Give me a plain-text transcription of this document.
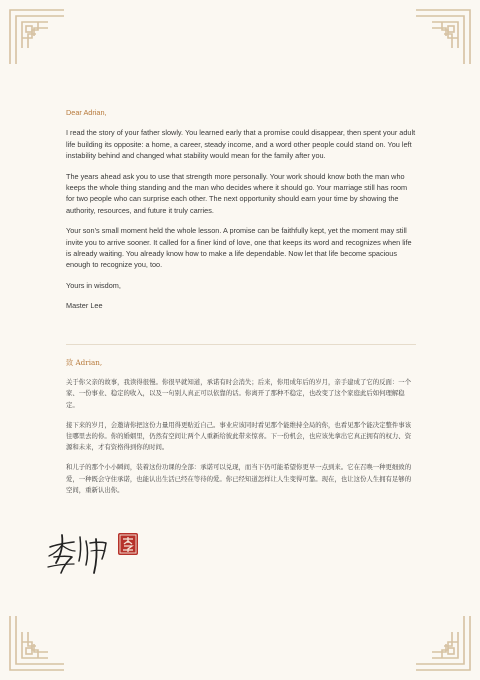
Dear Adrian,

I read the story of your father slowly. You learned early that a promise could disappear, then spent your adult life building its opposite: a home, a career, steady income, and a word other people could stand on. You left instability behind and changed what stability would mean for the family after you.

The years ahead ask you to use that strength more personally. Your work should know both the man who keeps the whole thing standing and the man who decides where it should go. Your marriage still has room for two people who can surprise each other. The next opportunity should earn your time by showing the authority, resources, and future it truly carries.

Your son’s small moment held the whole lesson. A promise can be faithfully kept, yet the moment may still invite you to arrive sooner. It called for a finer kind of love, one that keeps its word and recognizes when life is already waiting. You already know how to make a life dependable. Now let that life become spacious enough to recognize you, too.

Yours in wisdom,

Master Lee

致 Adrian,

关于你父亲的故事，我读得很慢。你很早就知道，承诺有时会消失；后来，你用成年后的岁月，亲手建成了它的反面：一个家、一份事业、稳定的收入，以及一句别人真正可以依靠的话。你离开了那种不稳定，也改变了这个家庭此后如何理解稳定。

接下来的岁月，会邀请你把这份力量用得更贴近自己。事业应该同时看见那个能维持全局的你，也看见那个能决定整件事该往哪里去的你。你的婚姻里，仍然有空间让两个人重新给彼此带来惊喜。下一份机会，也应该先拿出它真正拥有的权力、资源和未来，才有资格得到你的时间。

和儿子的那个小小瞬间，装着这份功课的全部：承诺可以兑现，而当下仍可能希望你更早一点到来。它在召唤一种更细致的爱，一种既会守住承诺，也能认出生活已经在等待的爱。你已经知道怎样让人生变得可靠。现在，也让这份人生拥有足够的空间，重新认出你。
